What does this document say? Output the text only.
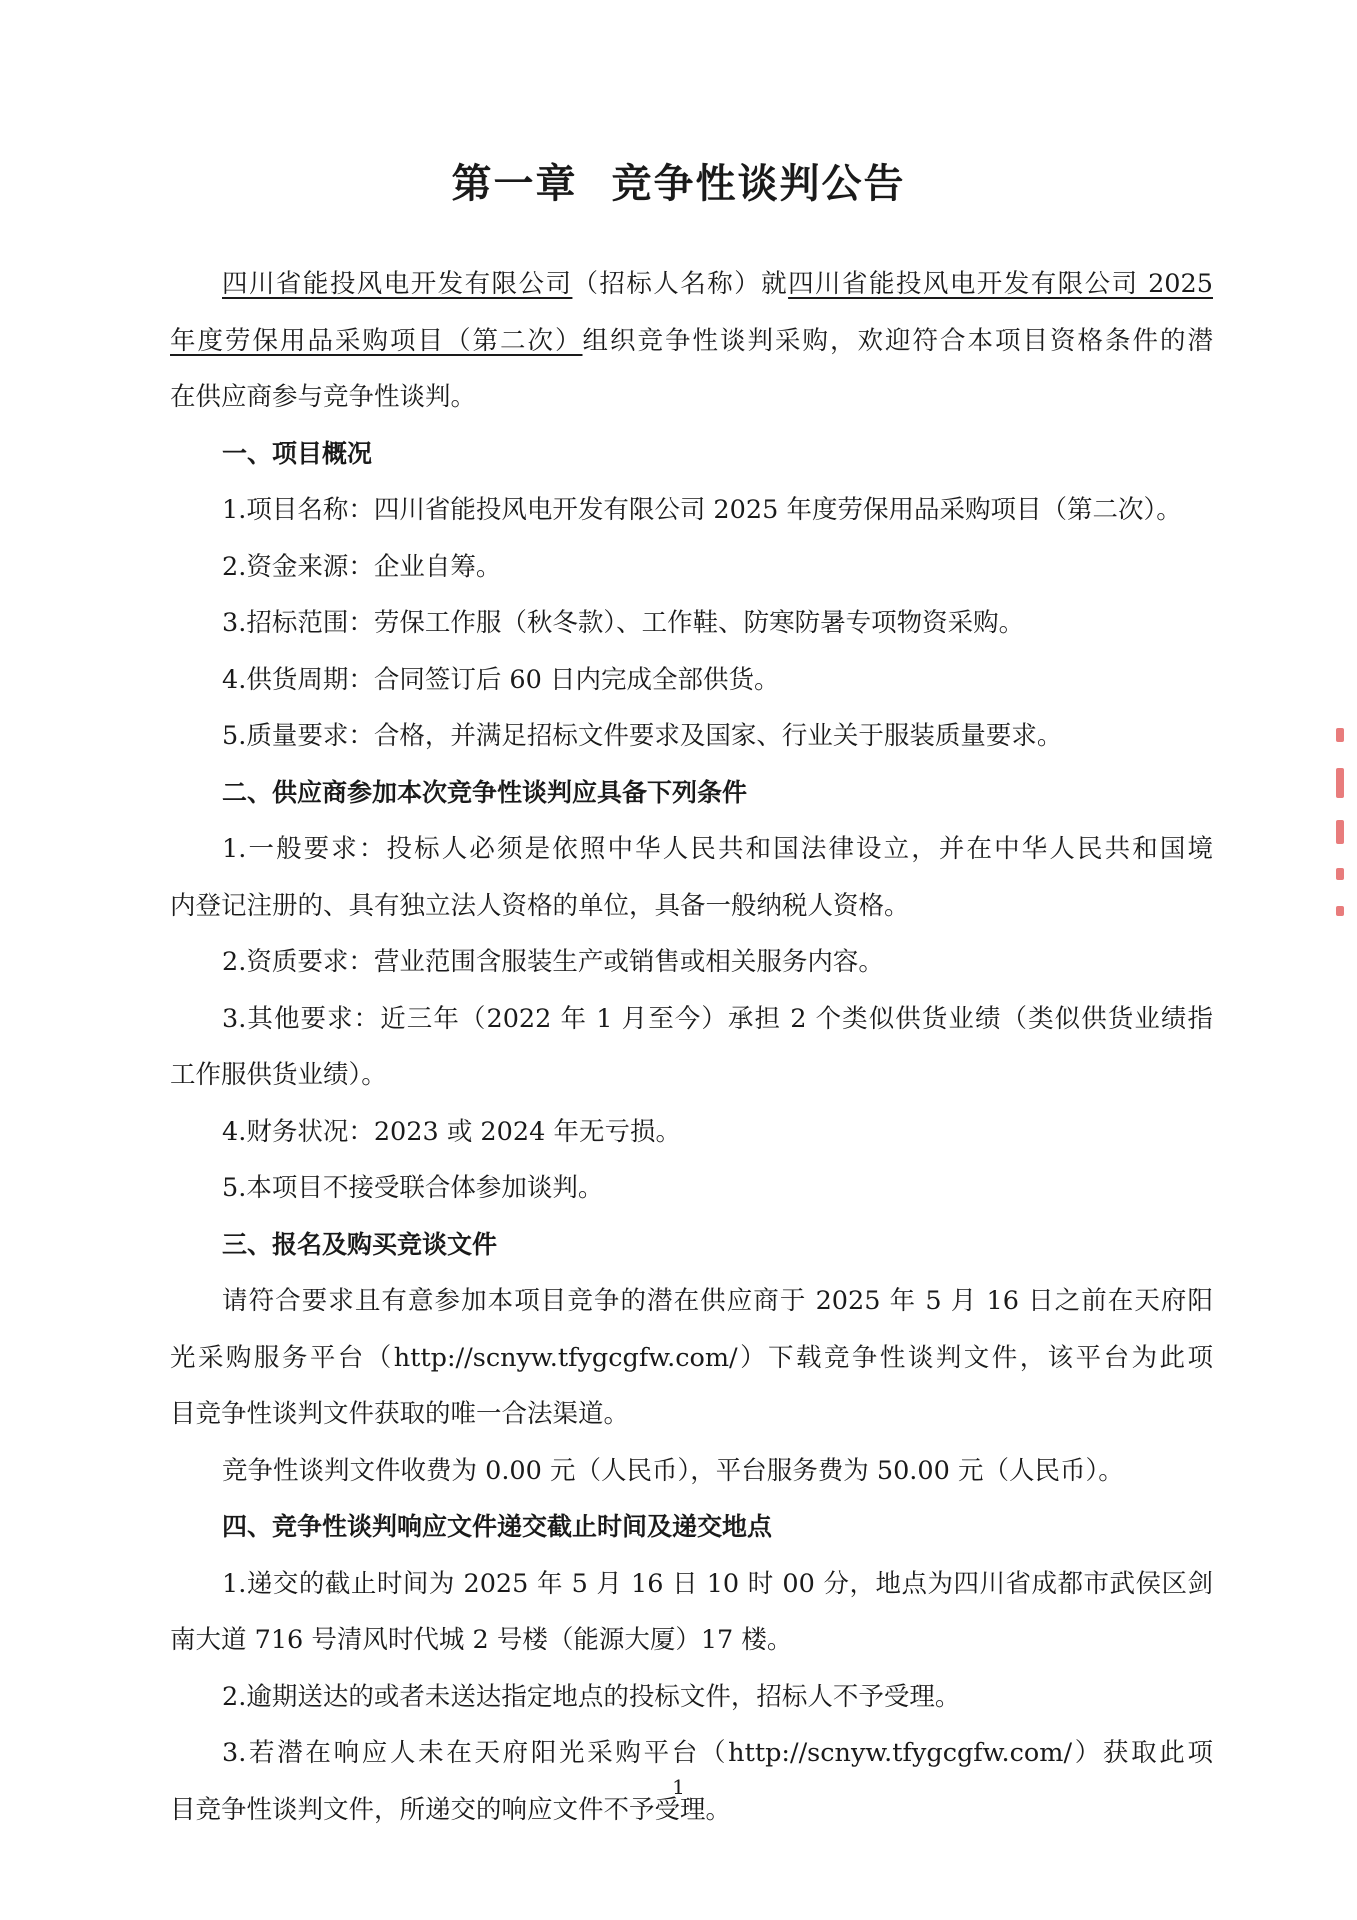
第一章 竞争性谈判公告
四川省能投风电开发有限公司（招标人名称）就四川省能投风电开发有限公司 2025
年度劳保用品采购项目（第二次）组织竞争性谈判采购，欢迎符合本项目资格条件的潜
在供应商参与竞争性谈判。
一、项目概况
1.项目名称：四川省能投风电开发有限公司 2025 年度劳保用品采购项目（第二次）。
2.资金来源：企业自筹。
3.招标范围：劳保工作服（秋冬款）、工作鞋、防寒防暑专项物资采购。
4.供货周期：合同签订后 60 日内完成全部供货。
5.质量要求：合格，并满足招标文件要求及国家、行业关于服装质量要求。
二、供应商参加本次竞争性谈判应具备下列条件
1.一般要求：投标人必须是依照中华人民共和国法律设立，并在中华人民共和国境
内登记注册的、具有独立法人资格的单位，具备一般纳税人资格。
2.资质要求：营业范围含服装生产或销售或相关服务内容。
3.其他要求：近三年（2022 年 1 月至今）承担 2 个类似供货业绩（类似供货业绩指
工作服供货业绩）。
4.财务状况：2023 或 2024 年无亏损。
5.本项目不接受联合体参加谈判。
三、报名及购买竞谈文件
请符合要求且有意参加本项目竞争的潜在供应商于 2025 年 5 月 16 日之前在天府阳
光采购服务平台（http://scnyw.tfygcgfw.com/）下载竞争性谈判文件，该平台为此项
目竞争性谈判文件获取的唯一合法渠道。
竞争性谈判文件收费为 0.00 元（人民币），平台服务费为 50.00 元（人民币）。
四、竞争性谈判响应文件递交截止时间及递交地点
1.递交的截止时间为 2025 年 5 月 16 日 10 时 00 分，地点为四川省成都市武侯区剑
南大道 716 号清风时代城 2 号楼（能源大厦）17 楼。
2.逾期送达的或者未送达指定地点的投标文件，招标人不予受理。
3.若潜在响应人未在天府阳光采购平台（http://scnyw.tfygcgfw.com/）获取此项
目竞争性谈判文件，所递交的响应文件不予受理。
1
